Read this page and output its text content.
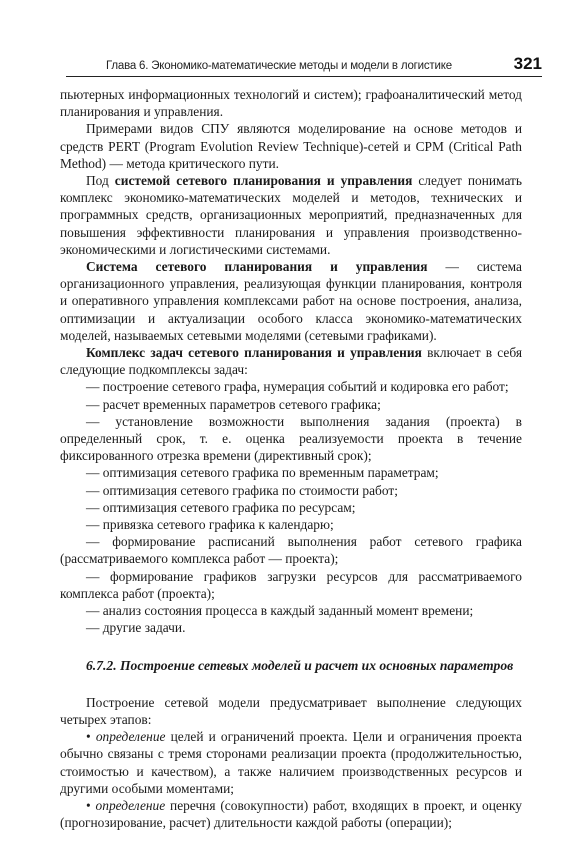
Глава 6. Экономико-математические методы и модели в логистике	321

пьютерных информационных технологий и систем); графоаналитический метод планирования и управления.

Примерами видов СПУ являются моделирование на основе методов и средств PERT (Program Evolution Review Technique)-сетей и CPM (Critical Path Method) — метода критического пути.

Под системой сетевого планирования и управления следует понимать комплекс экономико-математических моделей и методов, технических и программных средств, организационных мероприятий, предназначенных для повышения эффективности планирования и управления производственно-экономическими и логистическими системами.

Система сетевого планирования и управления — система организационного управления, реализующая функции планирования, контроля и оперативного управления комплексами работ на основе построения, анализа, оптимизации и актуализации особого класса экономико-математических моделей, называемых сетевыми моделями (сетевыми графиками).

Комплекс задач сетевого планирования и управления включает в себя следующие подкомплексы задач:

— построение сетевого графа, нумерация событий и кодировка его работ;

— расчет временных параметров сетевого графика;

— установление возможности выполнения задания (проекта) в определенный срок, т. е. оценка реализуемости проекта в течение фиксированного отрезка времени (директивный срок);

— оптимизация сетевого графика по временным параметрам;

— оптимизация сетевого графика по стоимости работ;

— оптимизация сетевого графика по ресурсам;

— привязка сетевого графика к календарю;

— формирование расписаний выполнения работ сетевого графика (рассматриваемого комплекса работ — проекта);

— формирование графиков загрузки ресурсов для рассматриваемого комплекса работ (проекта);

— анализ состояния процесса в каждый заданный момент времени;

— другие задачи.

6.7.2. Построение сетевых моделей и расчет их основных параметров

Построение сетевой модели предусматривает выполнение следующих четырех этапов:

• определение целей и ограничений проекта. Цели и ограничения проекта обычно связаны с тремя сторонами реализации проекта (продолжительностью, стоимостью и качеством), а также наличием производственных ресурсов и другими особыми моментами;

• определение перечня (совокупности) работ, входящих в проект, и оценку (прогнозирование, расчет) длительности каждой работы (операции);
